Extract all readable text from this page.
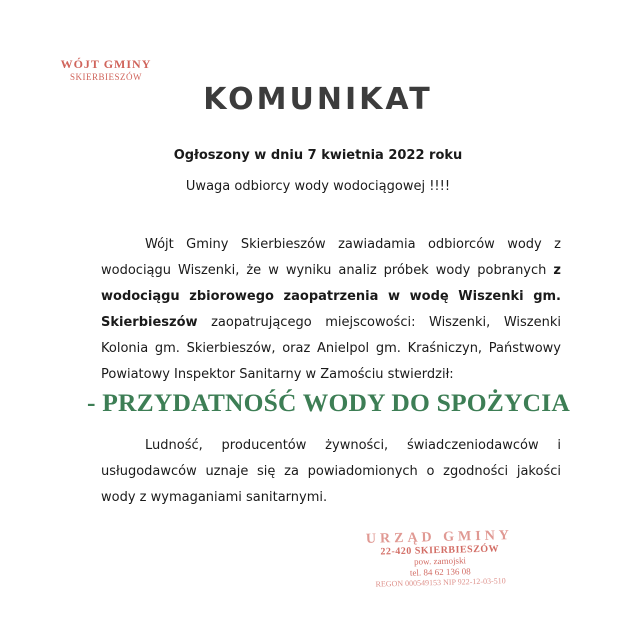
WÓJT GMINY
SKIERBIESZÓW
KOMUNIKAT
Ogłoszony w dniu 7 kwietnia 2022 roku
Uwaga odbiorcy wody wodociągowej !!!!
Wójt Gminy Skierbieszów zawiadamia odbiorców wody z wodociągu Wiszenki, że w wyniku analiz próbek wody pobranych z wodociągu zbiorowego zaopatrzenia w wodę Wiszenki gm. Skierbieszów zaopatrującego miejscowości: Wiszenki, Wiszenki Kolonia gm. Skierbieszów, oraz Anielpol gm. Kraśniczyn, Państwowy Powiatowy Inspektor Sanitarny w Zamościu stwierdził:
- PRZYDATNOŚĆ WODY DO SPOŻYCIA
Ludność, producentów żywności, świadczeniodawców i usługodawców uznaje się za powiadomionych o zgodności jakości wody z wymaganiami sanitarnymi.
URZĄD GMINY
22-420 SKIERBIESZÓW
pow. zamojski
tel. 84 62 136 08
REGON 000549153 NIP 922-12-03-510
